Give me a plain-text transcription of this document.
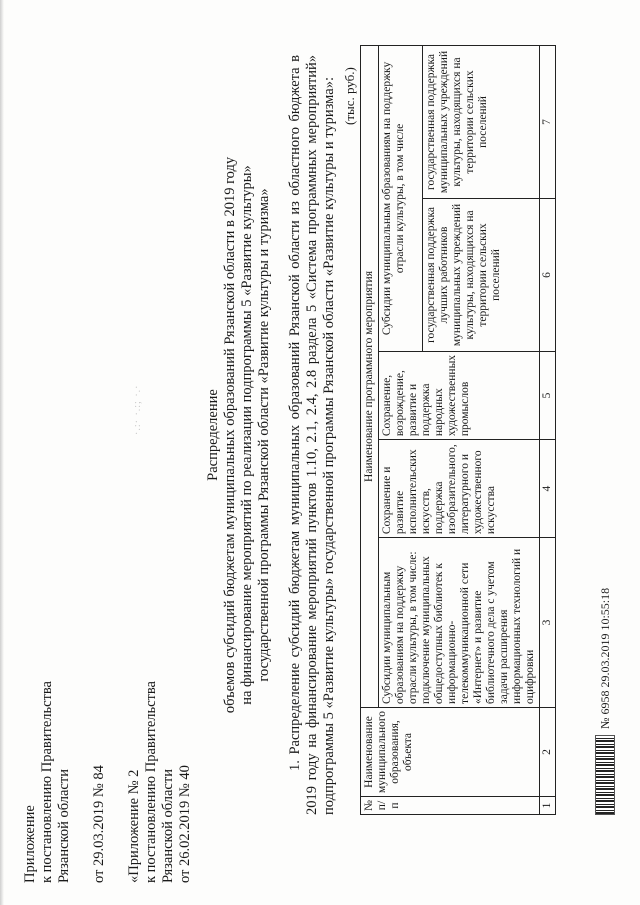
Приложение к постановлению Правительства Рязанской области от 29.03.2019 № 84 «Приложение № 2 к постановлению Правительства Рязанской области от 26.02.2019 № 40

·.:· ·.:; ·.·	Распределение объемов субсидий бюджетам муниципальных образований Рязанской области в 2019 году на финансирование мероприятий по реализации подпрограммы 5 «Развитие культуры» государственной программы Рязанской области «Развитие культуры и туризма» 1. Распределение субсидий бюджетам муниципальных образований Рязанской области из областного бюджета в 2019 году на финансирование мероприятий пунктов 1.10, 2.1, 2.4, 2.8 раздела 5 «Система программных мероприятий» подпрограммы 5 «Развитие культуры» государственной программы Рязанской области «Развитие культуры и туризма»: (тыс. руб.)
№ п/п	Наименование муниципального образования, объекта	Наименование программного мероприятия				
		Субсидии муниципальным образованиям на поддержку отрасли культуры, в том числе: подключение муниципальных общедоступных библиотек к информационно-телекоммуникационной сети «Интернет» и развитие библиотечного дела с учетом задачи расширения информационных технологий и оцифровки	Сохранение и развитие исполнительских искусств, поддержка изобразительного, литературного и художественного искусства	Сохранение, возрождение, развитие и поддержка народных художественных промыслов	Субсидии муниципальным образованиям на поддержку отрасли культуры, в том числе	
					государственная поддержка лучших работников муниципальных учреждений культуры, находящихся на территории сельских поселений	государственная поддержка муниципальных учреждений культуры, находящихся на территории сельских поселений
1	2	3	4	5	6	7
№ 6958 29.03.2019 10:55:18
